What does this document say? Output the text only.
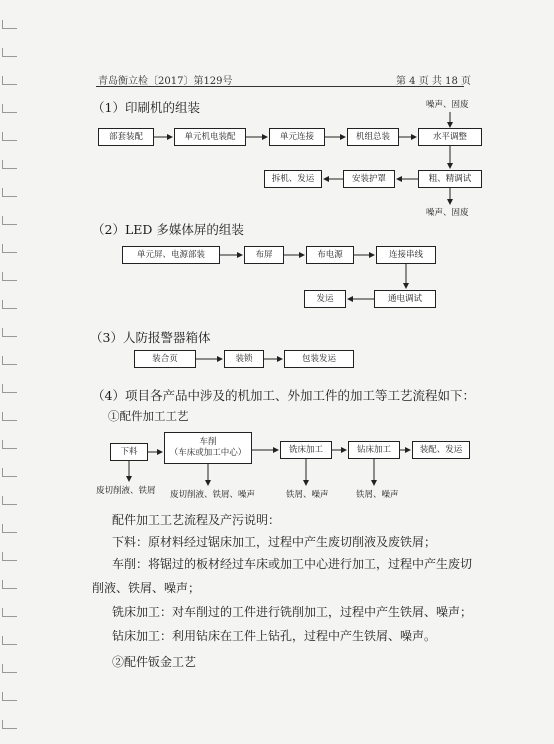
青岛衡立检〔2017〕第129号	第 4 页 共 18 页
（1）印刷机的组装	噪声、固废
部套装配	单元机电装配	单元连接	机组总装	水平调整
粗、精调试
安装护罩
拆机、发运
噪声、固废
（2）LED 多媒体屏的组装
单元屏、电源部装	布屏	布电源	连接串线
通电调试
发运
（3）人防报警器箱体
装合页	装锁	包装发运
（4）项目各产品中涉及的机加工、外加工件的加工等工艺流程如下：
①配件加工工艺
下料
车削
（车床或加工中心）	铣床加工	钻床加工	装配、发运
废切削液、铁屑 废切削液、铁屑、噪声	铁屑、噪声	铁屑、噪声
配件加工工艺流程及产污说明：
下料：原材料经过锯床加工，过程中产生废切削液及废铁屑；
车削：将锯过的板材经过车床或加工中心进行加工，过程中产生废切
削液、铁屑、噪声；
铣床加工：对车削过的工件进行铣削加工，过程中产生铁屑、噪声；
钻床加工：利用钻床在工件上钻孔，过程中产生铁屑、噪声。
②配件钣金工艺
